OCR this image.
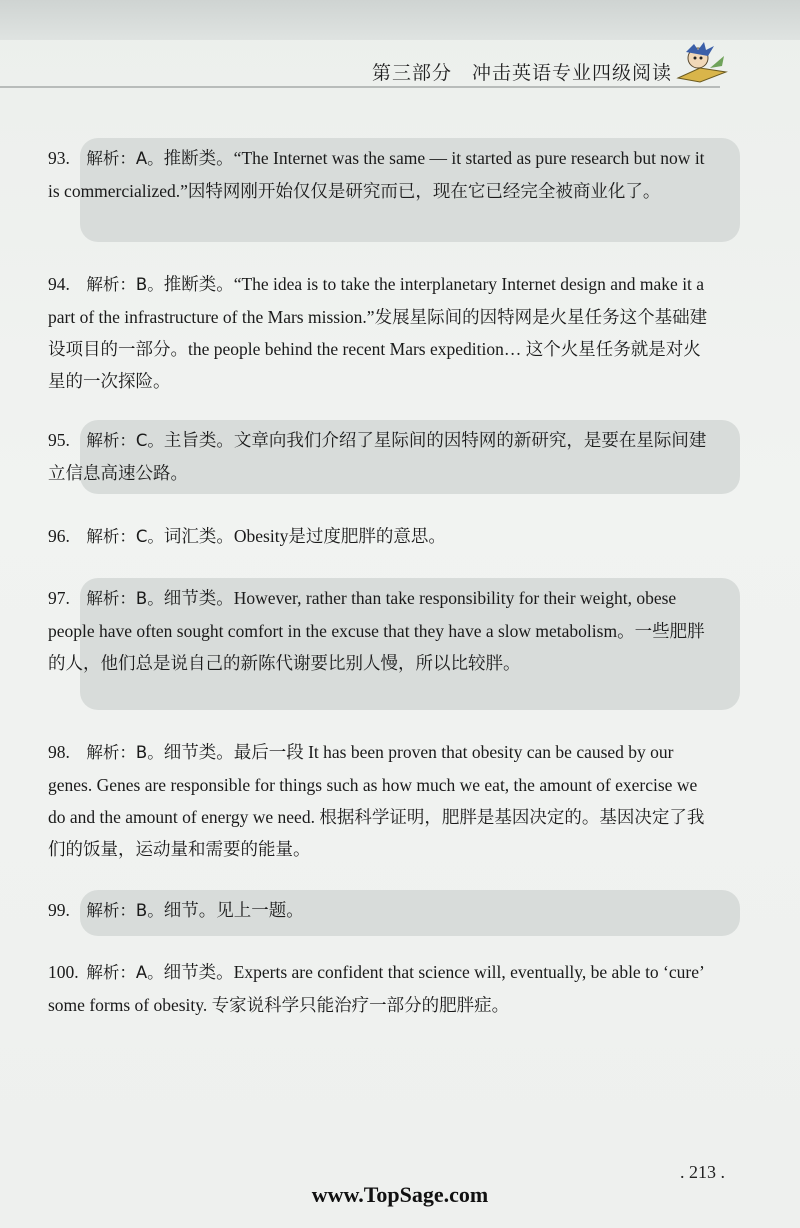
第三部分　冲击英语专业四级阅读
93. 解析：A。推断类。“The Internet was the same — it started as pure research but now it is commercialized.”因特网刚开始仅仅是研究而已，现在它已经完全被商业化了。
94. 解析：B。推断类。“The idea is to take the interplanetary Internet design and make it a part of the infrastructure of the Mars mission.”发展星际间的因特网是火星任务这个基础建设项目的一部分。the people behind the recent Mars expedition… 这个火星任务就是对火星的一次探险。
95. 解析：C。主旨类。文章向我们介绍了星际间的因特网的新研究，是要在星际间建立信息高速公路。
96. 解析：C。词汇类。Obesity是过度肥胖的意思。
97. 解析：B。细节类。However, rather than take responsibility for their weight, obese people have often sought comfort in the excuse that they have a slow metabolism。一些肥胖的人，他们总是说自己的新陈代谢要比别人慢，所以比较胖。
98. 解析：B。细节类。最后一段 It has been proven that obesity can be caused by our genes. Genes are responsible for things such as how much we eat, the amount of exercise we do and the amount of energy we need. 根据科学证明，肥胖是基因决定的。基因决定了我们的饭量，运动量和需要的能量。
99. 解析：B。细节。见上一题。
100. 解析：A。细节类。Experts are confident that science will, eventually, be able to ‘cure’ some forms of obesity. 专家说科学只能治疗一部分的肥胖症。
. 213 .
www.TopSage.com
